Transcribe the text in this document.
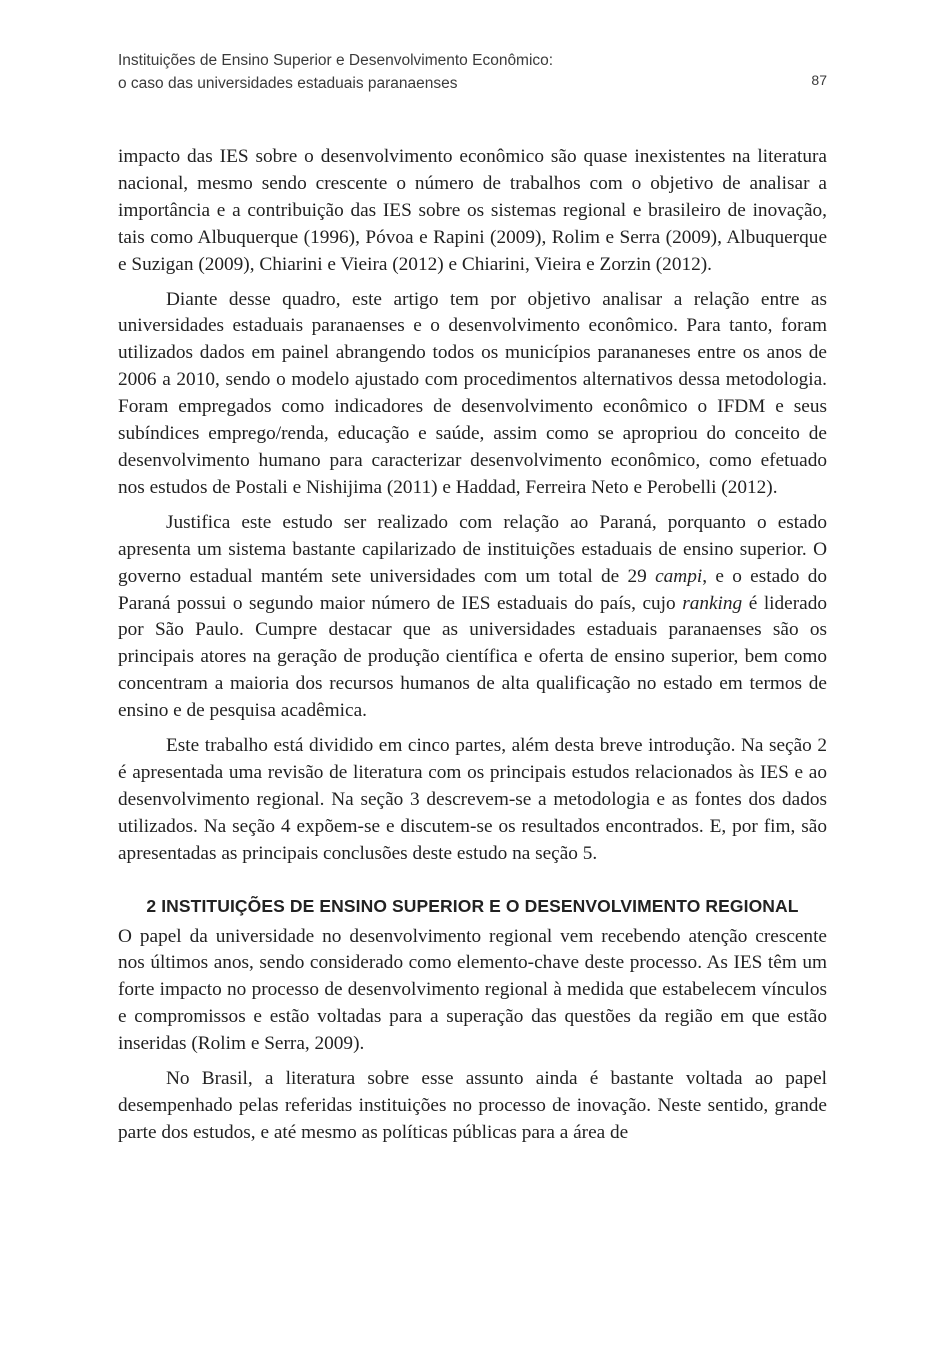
Instituições de Ensino Superior e Desenvolvimento Econômico:
o caso das universidades estaduais paranaenses	87

impacto das IES sobre o desenvolvimento econômico são quase inexistentes na literatura nacional, mesmo sendo crescente o número de trabalhos com o objetivo de analisar a importância e a contribuição das IES sobre os sistemas regional e brasileiro de inovação, tais como Albuquerque (1996), Póvoa e Rapini (2009), Rolim e Serra (2009), Albuquerque e Suzigan (2009), Chiarini e Vieira (2012) e Chiarini, Vieira e Zorzin (2012).

Diante desse quadro, este artigo tem por objetivo analisar a relação entre as universidades estaduais paranaenses e o desenvolvimento econômico. Para tanto, foram utilizados dados em painel abrangendo todos os municípios parananeses entre os anos de 2006 a 2010, sendo o modelo ajustado com procedimentos alternativos dessa metodologia. Foram empregados como indicadores de desenvolvimento econômico o IFDM e seus subíndices emprego/renda, educação e saúde, assim como se apropriou do conceito de desenvolvimento humano para caracterizar desenvolvimento econômico, como efetuado nos estudos de Postali e Nishijima (2011) e Haddad, Ferreira Neto e Perobelli (2012).

Justifica este estudo ser realizado com relação ao Paraná, porquanto o estado apresenta um sistema bastante capilarizado de instituições estaduais de ensino superior. O governo estadual mantém sete universidades com um total de 29 campi, e o estado do Paraná possui o segundo maior número de IES estaduais do país, cujo ranking é liderado por São Paulo. Cumpre destacar que as universidades estaduais paranaenses são os principais atores na geração de produção científica e oferta de ensino superior, bem como concentram a maioria dos recursos humanos de alta qualificação no estado em termos de ensino e de pesquisa acadêmica.

Este trabalho está dividido em cinco partes, além desta breve introdução. Na seção 2 é apresentada uma revisão de literatura com os principais estudos relacionados às IES e ao desenvolvimento regional. Na seção 3 descrevem-se a metodologia e as fontes dos dados utilizados. Na seção 4 expõem-se e discutem-se os resultados encontrados. E, por fim, são apresentadas as principais conclusões deste estudo na seção 5.

2 INSTITUIÇÕES DE ENSINO SUPERIOR E O DESENVOLVIMENTO REGIONAL

O papel da universidade no desenvolvimento regional vem recebendo atenção crescente nos últimos anos, sendo considerado como elemento-chave deste processo. As IES têm um forte impacto no processo de desenvolvimento regional à medida que estabelecem vínculos e compromissos e estão voltadas para a superação das questões da região em que estão inseridas (Rolim e Serra, 2009).

No Brasil, a literatura sobre esse assunto ainda é bastante voltada ao papel desempenhado pelas referidas instituições no processo de inovação. Neste sentido, grande parte dos estudos, e até mesmo as políticas públicas para a área de
